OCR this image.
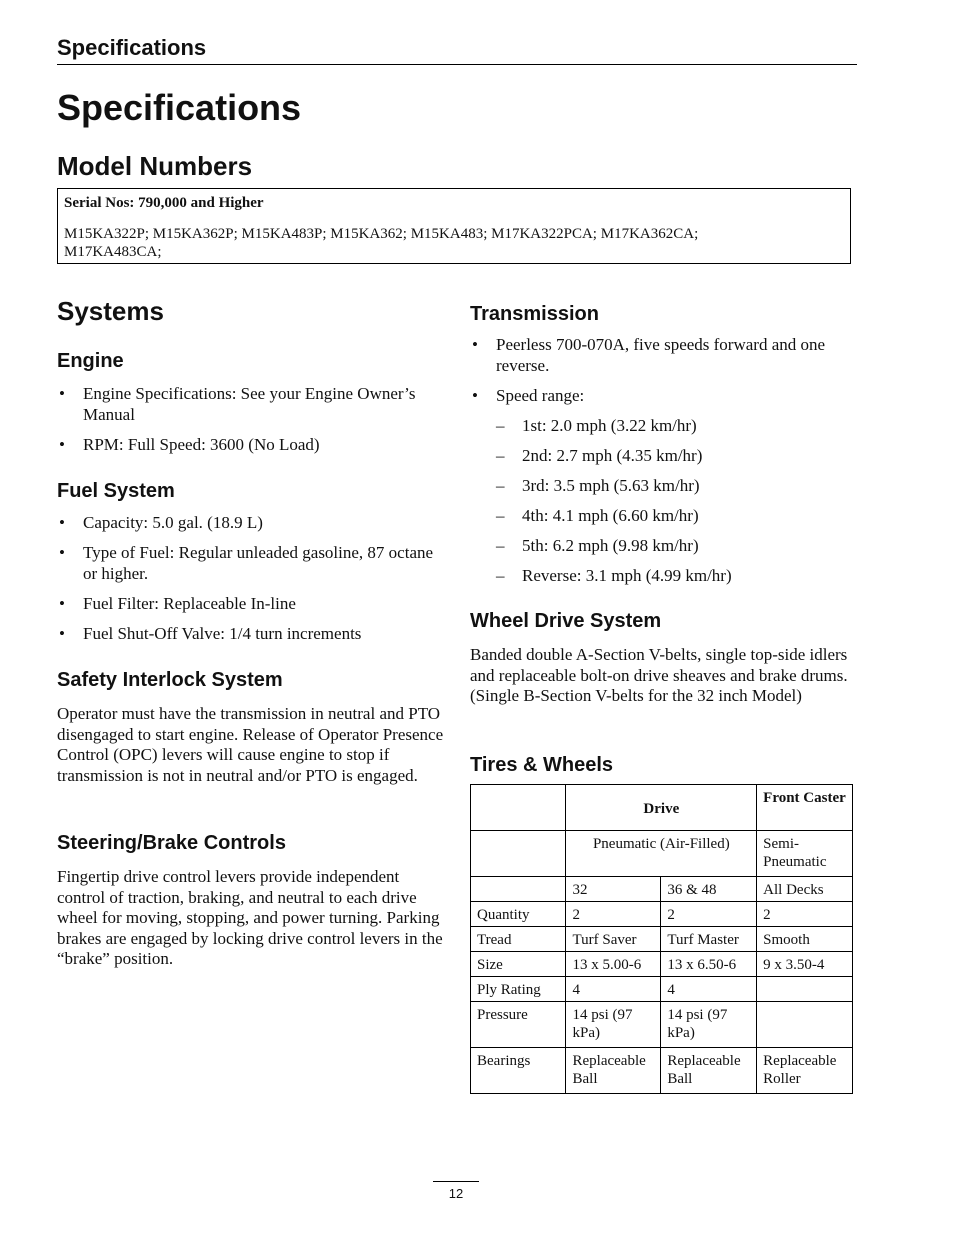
Specifications
Specifications
Model Numbers
Serial Nos: 790,000 and Higher
M15KA322P; M15KA362P; M15KA483P; M15KA362; M15KA483; M17KA322PCA; M17KA362CA;
M17KA483CA;
Systems
Engine
• Engine Specifications: See your Engine Owner’s Manual
• RPM: Full Speed: 3600 (No Load)
Fuel System
• Capacity: 5.0 gal. (18.9 L)
• Type of Fuel: Regular unleaded gasoline, 87 octane or higher.
• Fuel Filter: Replaceable In-line
• Fuel Shut-Off Valve: 1/4 turn increments
Safety Interlock System

Operator must have the transmission in neutral and PTO disengaged to start engine. Release of Operator Presence Control (OPC) levers will cause engine to stop if transmission is not in neutral and/or PTO is engaged.

Steering/Brake Controls

Fingertip drive control levers provide independent control of traction, braking, and neutral to each drive wheel for moving, stopping, and power turning. Parking brakes are engaged by locking drive control levers in the “brake” position.

Transmission
• Peerless 700-070A, five speeds forward and one reverse.
• Speed range:
– 1st: 2.0 mph (3.22 km/hr)
– 2nd: 2.7 mph (4.35 km/hr)
– 3rd: 3.5 mph (5.63 km/hr)
– 4th: 4.1 mph (6.60 km/hr)
– 5th: 6.2 mph (9.98 km/hr)
– Reverse: 3.1 mph (4.99 km/hr)
Wheel Drive System

Banded double A-Section V-belts, single top-side idlers and replaceable bolt-on drive sheaves and brake drums. (Single B-Section V-belts for the 32 inch Model)

Tires & Wheels
	Drive		Front Caster
	Pneumatic (Air-Filled)		Semi-Pneumatic
	32	36 & 48	All Decks
Quantity	2	2	2
Tread	Turf Saver	Turf Master	Smooth
Size	13 x 5.00-6	13 x 6.50-6	9 x 3.50-4
Ply Rating	4	4	
Pressure	14 psi (97 kPa)	14 psi (97 kPa)	
Bearings	Replaceable Ball	Replaceable Ball	Replaceable Roller
12
